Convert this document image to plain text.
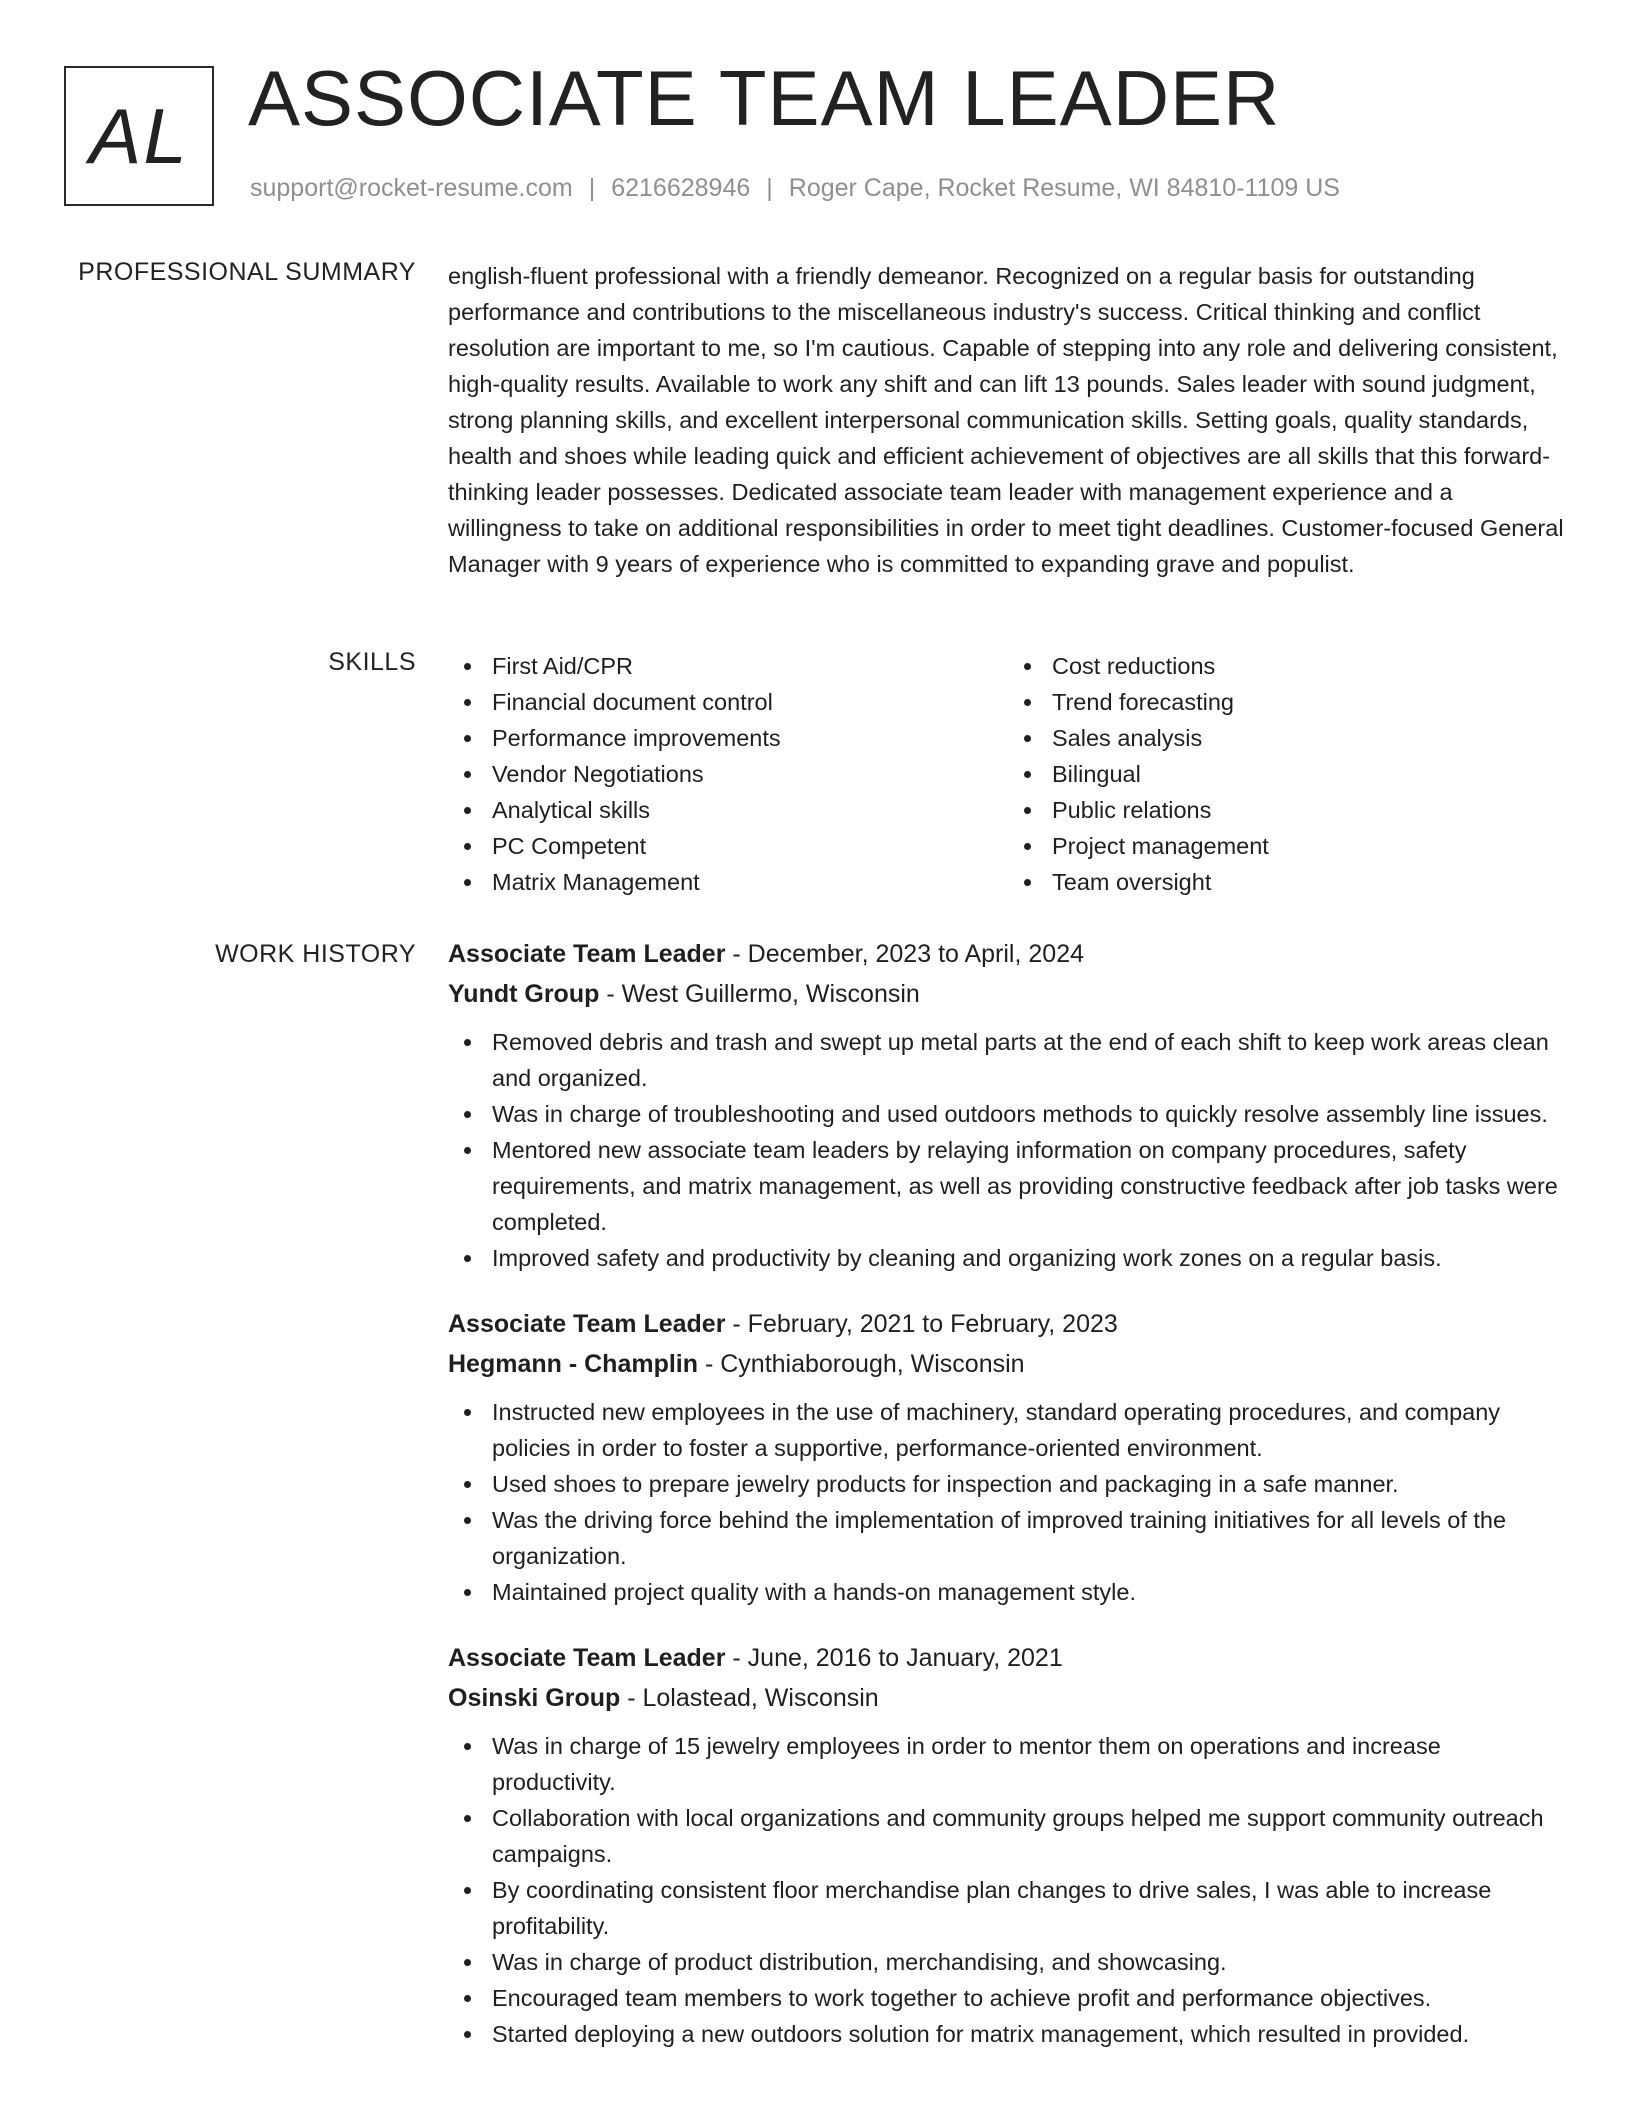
AL ASSOCIATE TEAM LEADER
support@rocket-resume.com | 6216628946 | Roger Cape, Rocket Resume, WI 84810-1109 US
PROFESSIONAL SUMMARY english-fluent professional with a friendly demeanor. Recognized on a regular basis for outstanding performance and contributions to the miscellaneous industry's success. Critical thinking and conflict resolution are important to me, so I'm cautious. Capable of stepping into any role and delivering consistent, high-quality results. Available to work any shift and can lift 13 pounds. Sales leader with sound judgment, strong planning skills, and excellent interpersonal communication skills. Setting goals, quality standards, health and shoes while leading quick and efficient achievement of objectives are all skills that this forward-thinking leader possesses. Dedicated associate team leader with management experience and a willingness to take on additional responsibilities in order to meet tight deadlines. Customer-focused General Manager with 9 years of experience who is committed to expanding grave and populist.

SKILLS	First Aid/CPR
Financial document control
Performance improvements
Vendor Negotiations
Analytical skills
PC Competent
Matrix Management
Cost reductions
Trend forecasting
Sales analysis
Bilingual
Public relations
Project management
Team oversight
WORK HISTORY Associate Team Leader - December, 2023 to April, 2024
Yundt Group - West Guillermo, Wisconsin
Removed debris and trash and swept up metal parts at the end of each shift to keep work areas clean and organized.
Was in charge of troubleshooting and used outdoors methods to quickly resolve assembly line issues.
Mentored new associate team leaders by relaying information on company procedures, safety requirements, and matrix management, as well as providing constructive feedback after job tasks were completed.
Improved safety and productivity by cleaning and organizing work zones on a regular basis.
Associate Team Leader - February, 2021 to February, 2023
Hegmann - Champlin - Cynthiaborough, Wisconsin
Instructed new employees in the use of machinery, standard operating procedures, and company policies in order to foster a supportive, performance-oriented environment.
Used shoes to prepare jewelry products for inspection and packaging in a safe manner.
Was the driving force behind the implementation of improved training initiatives for all levels of the organization.
Maintained project quality with a hands-on management style.
Associate Team Leader - June, 2016 to January, 2021
Osinski Group - Lolastead, Wisconsin
Was in charge of 15 jewelry employees in order to mentor them on operations and increase productivity.
Collaboration with local organizations and community groups helped me support community outreach campaigns.
By coordinating consistent floor merchandise plan changes to drive sales, I was able to increase profitability.
Was in charge of product distribution, merchandising, and showcasing.
Encouraged team members to work together to achieve profit and performance objectives.
Started deploying a new outdoors solution for matrix management, which resulted in provided.
